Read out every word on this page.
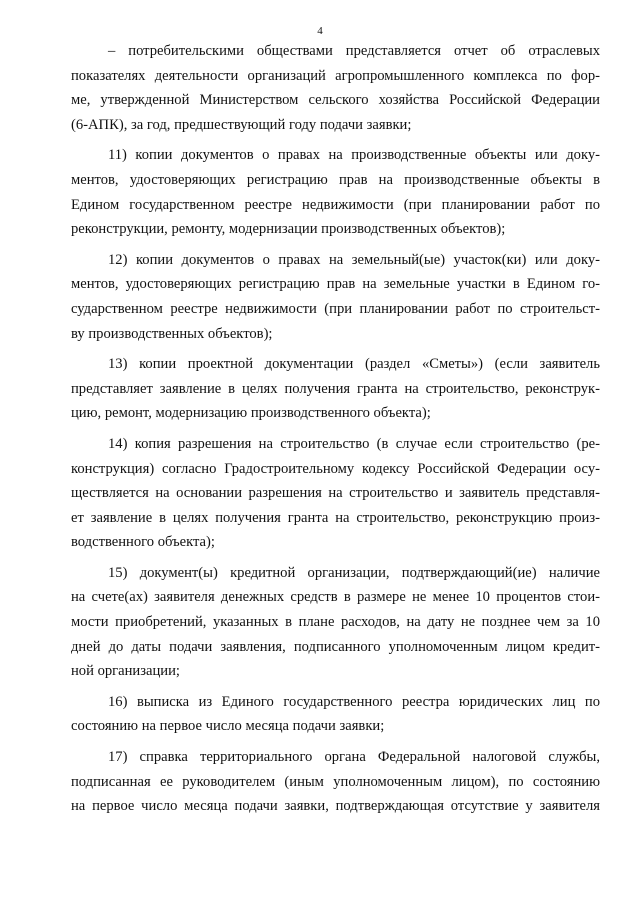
4
– потребительскими обществами представляется отчет об отраслевых
показателях деятельности организаций агропромышленного комплекса по фор-
ме, утвержденной Министерством сельского хозяйства Российской Федерации
(6-АПК), за год, предшествующий году подачи заявки;
11) копии документов о правах на производственные объекты или доку-
ментов, удостоверяющих регистрацию прав на производственные объекты в
Едином государственном реестре недвижимости (при планировании работ по
реконструкции, ремонту, модернизации производственных объектов);
12) копии документов о правах на земельный(ые) участок(ки) или доку-
ментов, удостоверяющих регистрацию прав на земельные участки в Едином го-
сударственном реестре недвижимости (при планировании работ по строительст-
ву производственных объектов);
13) копии проектной документации (раздел «Сметы») (если заявитель
представляет заявление в целях получения гранта на строительство, реконструк-
цию, ремонт, модернизацию производственного объекта);
14) копия разрешения на строительство (в случае если строительство (ре-
конструкция) согласно Градостроительному кодексу Российской Федерации осу-
ществляется на основании разрешения на строительство и заявитель представля-
ет заявление в целях получения гранта на строительство, реконструкцию произ-
водственного объекта);
15) документ(ы) кредитной организации, подтверждающий(ие) наличие
на счете(ах) заявителя денежных средств в размере не менее 10 процентов стои-
мости приобретений, указанных в плане расходов, на дату не позднее чем за 10
дней до даты подачи заявления, подписанного уполномоченным лицом кредит-
ной организации;
16) выписка из Единого государственного реестра юридических лиц по
состоянию на первое число месяца подачи заявки;
17) справка территориального органа Федеральной налоговой службы,
подписанная ее руководителем (иным уполномоченным лицом), по состоянию
на первое число месяца подачи заявки, подтверждающая отсутствие у заявителя
